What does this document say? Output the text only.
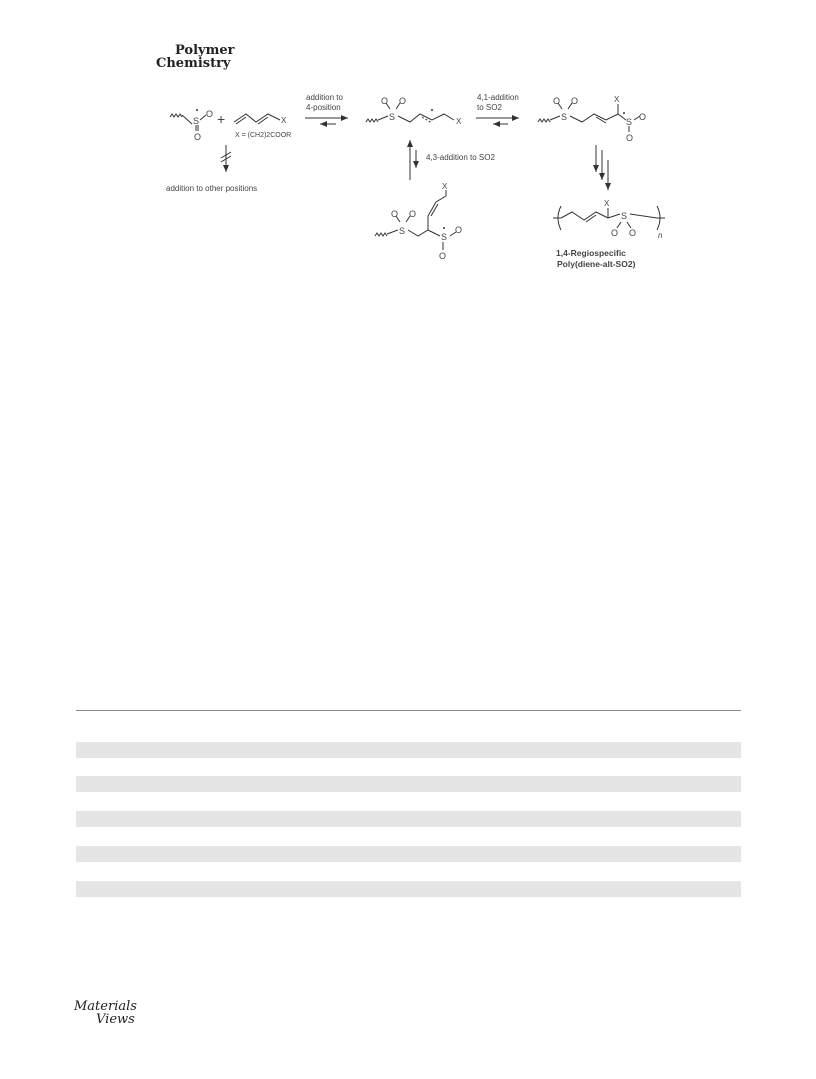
Polymer
Chemistry
S
O
O
+	X
X = (CH2)2COOR
addition to other positions
addition to
4-position
S
O O
X
4,1-addition
to SO2
S
O O	X
S O
O
4,3-addition to SO2
S
O O
X
S
O
O
X
S
O O	n
1,4-Regiospecific
Poly(diene-alt-SO2)
Materials
Views
